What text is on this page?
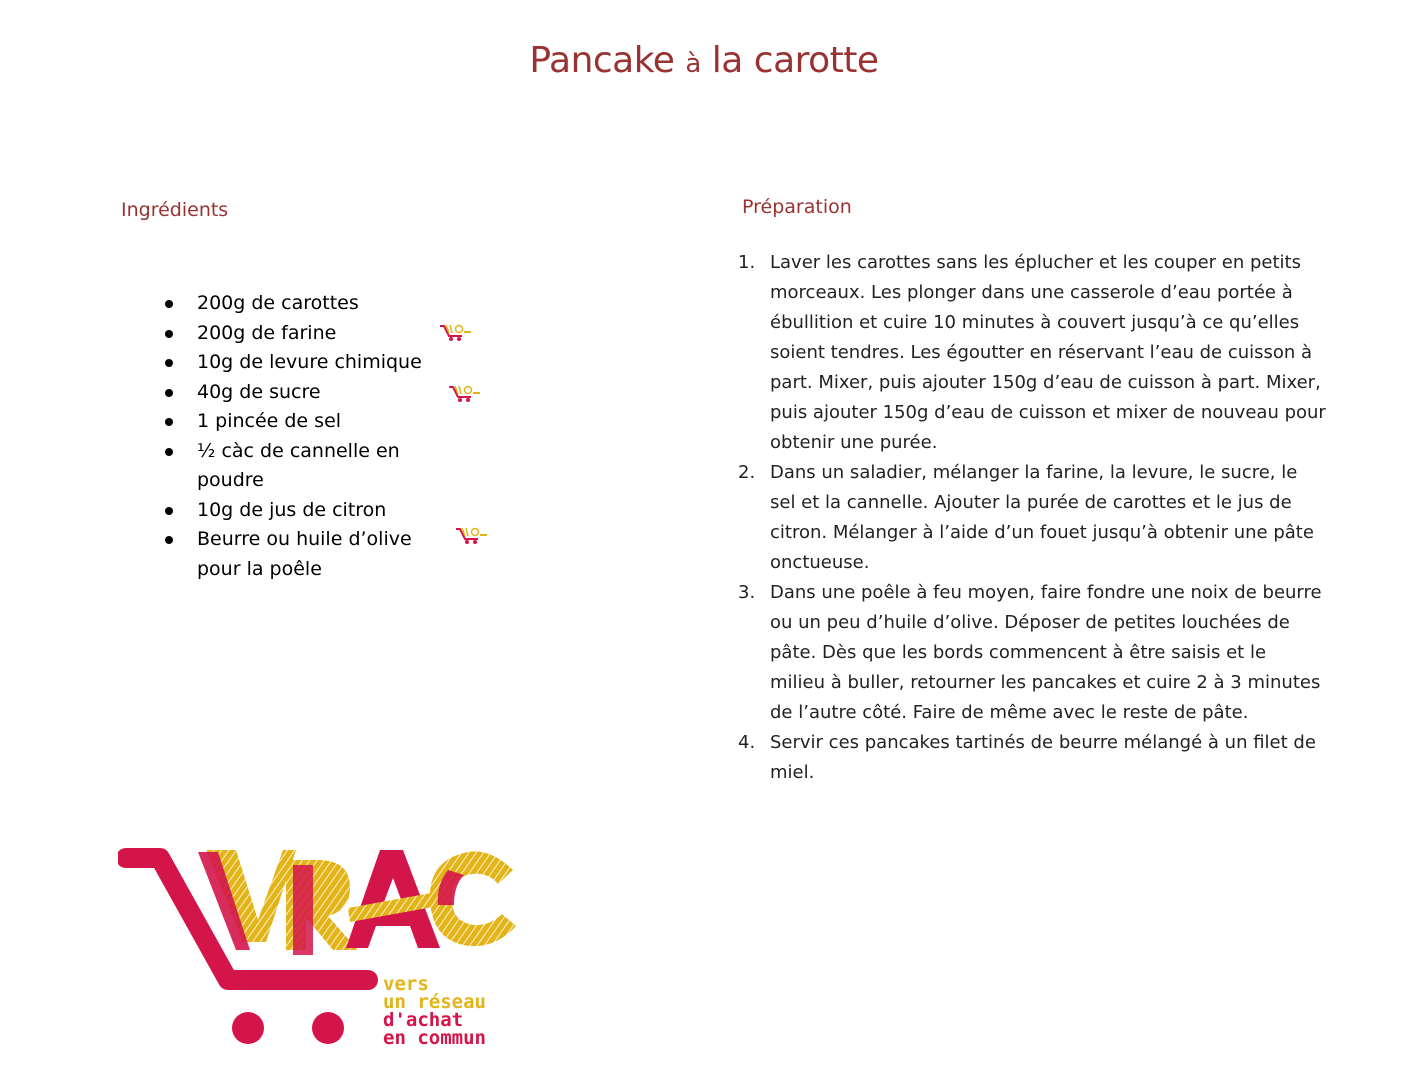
Pancake à la carotte
Ingrédients
200g de carottes
200g de farine
10g de levure chimique
40g de sucre
1 pincée de sel
½ càc de cannelle en poudre
10g de jus de citron
Beurre ou huile d’olive pour la poêle
Préparation
1. Laver les carottes sans les éplucher et les couper en petits morceaux. Les plonger dans une casserole d’eau portée à ébullition et cuire 10 minutes à couvert jusqu’à ce qu’elles soient tendres. Les égoutter en réservant l’eau de cuisson à part. Mixer, puis ajouter 150g d’eau de cuisson à part. Mixer, puis ajouter 150g d’eau de cuisson et mixer de nouveau pour obtenir une purée.
2. Dans un saladier, mélanger la farine, la levure, le sucre, le sel et la cannelle. Ajouter la purée de carottes et le jus de citron. Mélanger à l’aide d’un fouet jusqu’à obtenir une pâte onctueuse.
3. Dans une poêle à feu moyen, faire fondre une noix de beurre ou un peu d’huile d’olive. Déposer de petites louchées de pâte. Dès que les bords commencent à être saisis et le milieu à buller, retourner les pancakes et cuire 2 à 3 minutes de l’autre côté. Faire de même avec le reste de pâte.
4. Servir ces pancakes tartinés de beurre mélangé à un filet de miel.
vers
un réseau
d'achat
en commun
